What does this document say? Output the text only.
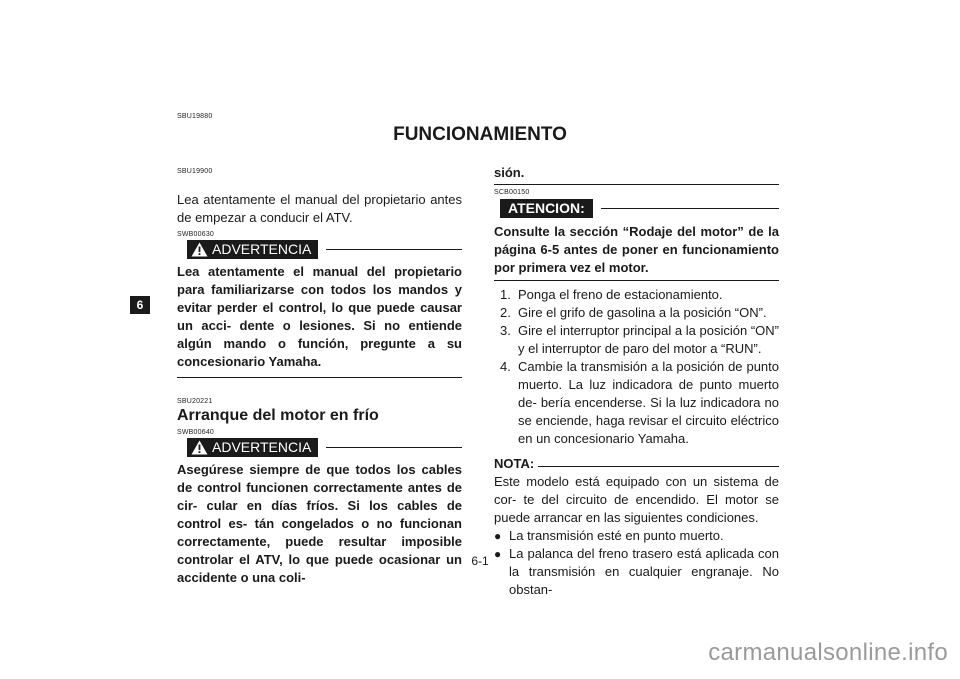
SBU19880
FUNCIONAMIENTO
6
SBU19900

Lea atentamente el manual del propietario antes de empezar a conducir el ATV.

SWB00630
ADVERTENCIA

Lea atentamente el manual del propietario para familiarizarse con todos los mandos y evitar perder el control, lo que puede causar un acci- dente o lesiones. Si no entiende algún mando o función, pregunte a su concesionario Yamaha.

SBU20221
Arranque del motor en frío
SWB00640
ADVERTENCIA

Asegúrese siempre de que todos los cables de control funcionen correctamente antes de cir- cular en días fríos. Si los cables de control es- tán congelados o no funcionan correctamente, puede resultar imposible controlar el ATV, lo que puede ocasionar un accidente o una coli-

sión.
SCB00150
ATENCION:

Consulte la sección “Rodaje del motor” de la página 6-5 antes de poner en funcionamiento por primera vez el motor.

1. Ponga el freno de estacionamiento.
2. Gire el grifo de gasolina a la posición “ON”.
3. Gire el interruptor principal a la posición “ON” y el interruptor de paro del motor a “RUN”.
4. Cambie la transmisión a la posición de punto muerto. La luz indicadora de punto muerto de- bería encenderse. Si la luz indicadora no se enciende, haga revisar el circuito eléctrico en un concesionario Yamaha.
NOTA:

Este modelo está equipado con un sistema de cor- te del circuito de encendido. El motor se puede arrancar en las siguientes condiciones.

● La transmisión esté en punto muerto.
● La palanca del freno trasero está aplicada con la transmisión en cualquier engranaje. No obstan-
6-1
carmanualsonline.info
